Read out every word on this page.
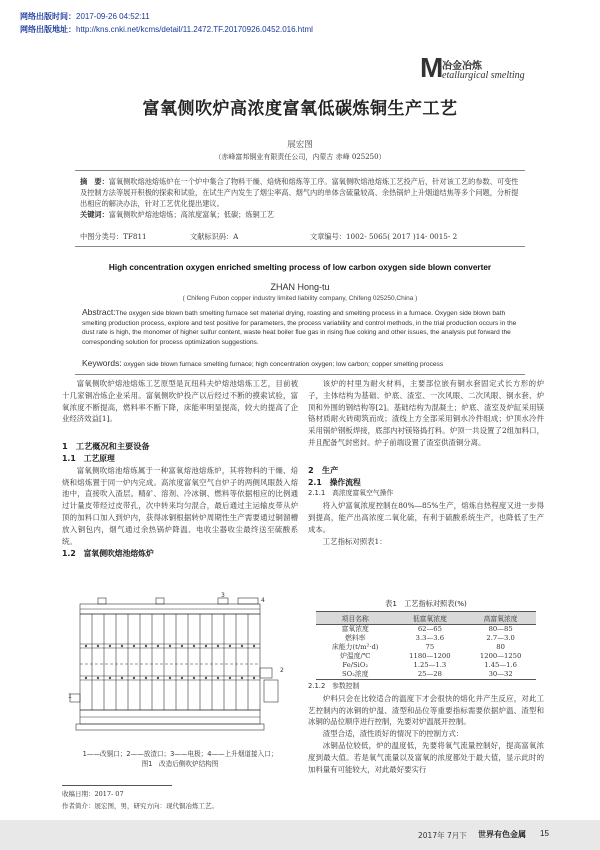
网络出版时间：2017-09-26 04:52:11
网络出版地址：http://kns.cnki.net/kcms/detail/11.2472.TF.20170926.0452.016.html
M
冶金冶炼
etallurgical smelting
富氧侧吹炉高浓度富氧低碳炼铜生产工艺
展宏图
（赤峰富邦铜业有限责任公司，内蒙古 赤峰 025250）
摘　要：富氧侧吹熔池熔炼炉在一个炉中集合了物料干燥、焙烧和熔炼等工序。富氧侧吹熔池熔炼工艺投产后，针对该工艺的参数、可变性及控制方法等展开积极的探索和试验，在试生产内发生了烟尘率高、烟气内的单体含硫量较高、余热锅炉上升烟道结焦等多个问题，分析提出相应的解决办法，针对工艺优化提出建议。
关键词：富氧侧吹炉熔池熔炼；高浓度富氧；低碳；炼铜工艺
中图分类号：TF811	文献标识码：A	文章编号：1002- 5065( 2017 )14- 0015- 2
High concentration oxygen enriched smelting process of low carbon oxygen side blown converter
ZHAN Hong-tu
( Chifeng Fubon copper industry limited liability company, Chifeng 025250,China )
Abstract:The oxygen side blown bath smelting furnace set material drying, roasting and smelting process in a furnace. Oxygen side blown bath smelting production process, explore and test positive for parameters, the process variability and control methods, in the trial production occurs in the dust rate is high, the monomer of higher sulfur content, waste heat boiler flue gas in rising flue coking and other issues, the analysis put forward the corresponding solution for process optimization suggestions.
Keywords: oxygen side blown furnace smelting furnace; high concentration oxygen; low carbon; copper smelting process

富氧侧吹炉熔池熔炼工艺原型是瓦纽科夫炉熔池熔炼工艺，目前被十几家铜冶炼企业采用。富氧侧吹炉投产以后经过不断的摸索试验，富氧浓度不断提高，燃料率不断下降，床能率明显提高，较大的提高了企业经济效益[1]。

1　工艺概况和主要设备

1.1　工艺原理

富氧侧吹熔池熔炼属于一种富氧熔池熔炼炉，其将物料的干燥、焙烧和熔炼置于同一炉内完成。高浓度富氧空气自炉子的两侧风眼鼓入熔池中，直接吹入渣层。精矿、溶剂、冷冰铜、燃料等依据相应的比例通过计量皮带经过皮带孔，次中转来均匀混合，最后通过主运输皮带从炉顶的加料口加入到炉内，获得冰铜根据转炉周期性生产需要通过铜溜槽放入铜包内，烟气通过余热锅炉降温、电收尘器收尘最终送至硫酸系统。

1.2　富氧侧吹熔池熔炼炉

1
2
3
4
1——改铜口；2——放渣口；3——电极；4——上升烟道接入口；
图1　改造后侧吹炉结构图
收稿日期：2017- 07
作者简介：展宏图，男，研究方向：现代铜冶炼工艺。

该炉的村里为耐火材料，主要部位嵌有铜水套固定式长方形的炉子，主体结构为基础、炉底、渣室、一次风眼、二次风眼、铜水套、炉顶和外围的钢结构等[2]。基础结构为混凝土；炉底、渣室及炉缸采用镁铬材质耐火砖砌筑而成；渣线上方全部采用铜水冷件组成；炉顶水冷件采用锅炉钢板焊接，底部内衬镁铬捣打料。炉顶一共设置了2组加料口，并且配备气封密封。炉子前端设置了渣室供渣铜分离。

2　生产

2.1　操作流程

2.1.1　高浓度富氧空气操作

将入炉富氧浓度控制在80%—85%生产，熔炼自热程度又进一步得到提高，能产出高浓度二氧化硫，有利于硫酸系统生产，也降低了生产成本。

工艺指标对照表1：

表1　工艺指标对照表(%)
项目名称	低富氧浓度	高富氧浓度
富氧浓度	62—65	80—85
燃料率	3.3—3.6	2.7—3.0
床能力(t/m²·d)	75	80
炉温度/℃	1180—1200	1200—1250
Fe/SiO₂	1.25—1.3	1.45—1.6
SO₂浓度	25—28	30—32

2.1.2　参数控制

炉料只会在比较适合的温度下才会很快的熔化并产生反应，对此工艺控制内的冰铜的炉温、渣型和品位等重要指标需要依据炉温、渣型和冰铜的品位顺序进行控制，先要对炉温展开控制。

渣型合适，渣性质好的情况下的控制方式：

冰铜品位较低，炉的温度低，先要将氧气流量控制好，提高富氧浓度到最大值。若是氧气流量以及富氧的浓度都处于最大值，显示此时的加料量有可能较大，对此最好要实行

2017年 7月下 世界有色金属 15
